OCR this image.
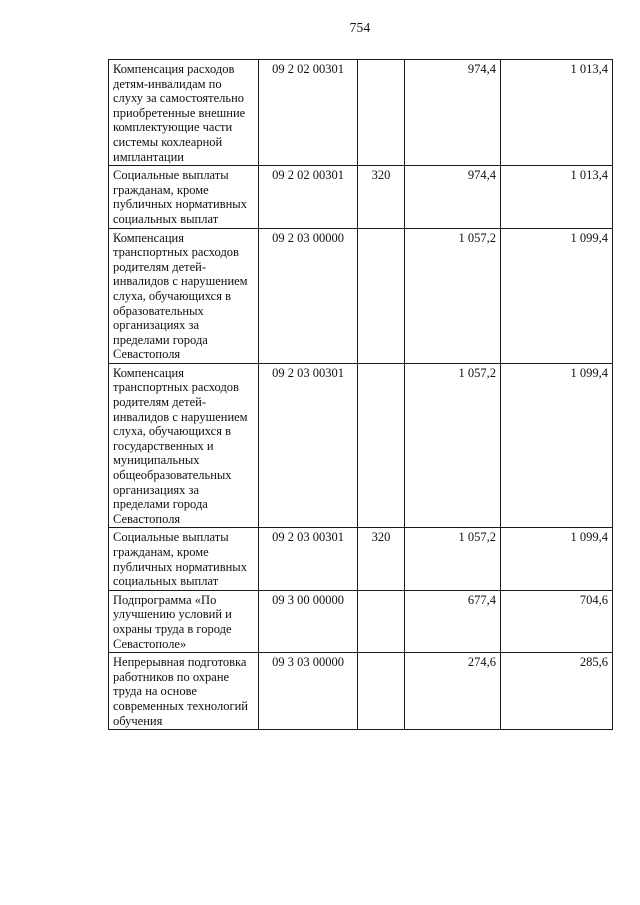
754
Компенсация расходов детям-инвалидам по слуху за самостоятельно приобретенные внешние комплектующие части системы кохлеарной имплантации	09 2 02 00301		974,4	1 013,4
Социальные выплаты гражданам, кроме публичных нормативных социальных выплат	09 2 02 00301	320	974,4	1 013,4
Компенсация транспортных расходов родителям детей-инвалидов с нарушением слуха, обучающихся в образовательных организациях за пределами города Севастополя	09 2 03 00000		1 057,2	1 099,4
Компенсация транспортных расходов родителям детей-инвалидов с нарушением слуха, обучающихся в государственных и муниципальных общеобразовательных организациях за пределами города Севастополя	09 2 03 00301		1 057,2	1 099,4
Социальные выплаты гражданам, кроме публичных нормативных социальных выплат	09 2 03 00301	320	1 057,2	1 099,4
Подпрограмма «По улучшению условий и охраны труда в городе Севастополе»	09 3 00 00000		677,4	704,6
Непрерывная подготовка работников по охране труда на основе современных технологий обучения	09 3 03 00000		274,6	285,6
